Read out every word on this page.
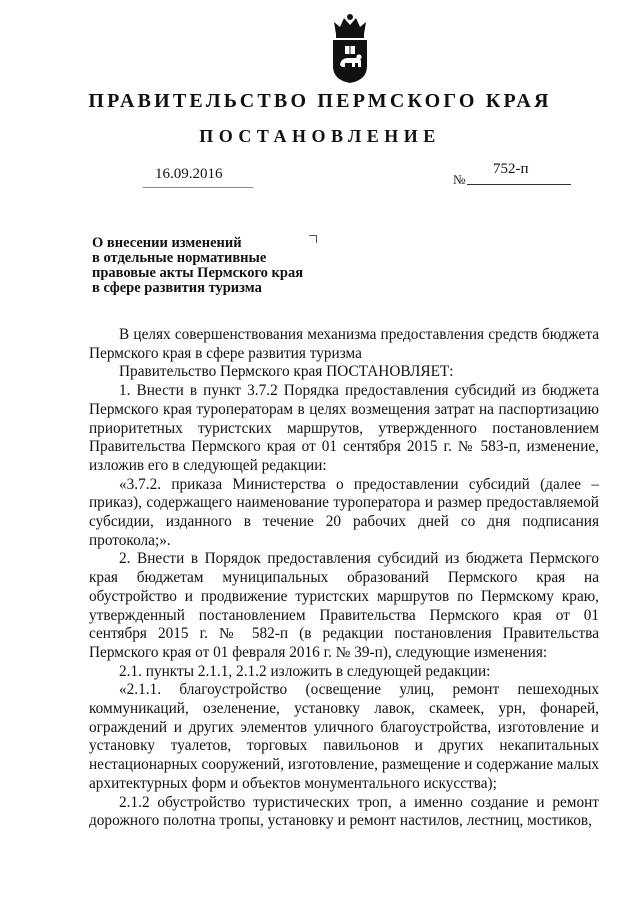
ПРАВИТЕЛЬСТВО ПЕРМСКОГО КРАЯ
ПОСТАНОВЛЕНИЕ
16.09.2016	№
752-п
О внесении изменений
в отдельные нормативные
правовые акты Пермского края
в сфере развития туризма

В целях совершенствования механизма предоставления средств бюджета Пермского края в сфере развития туризма

Правительство Пермского края ПОСТАНОВЛЯЕТ:

1. Внести в пункт 3.7.2 Порядка предоставления субсидий из бюджета Пермского края туроператорам в целях возмещения затрат на паспортизацию приоритетных туристских маршрутов, утвержденного постановлением Правительства Пермского края от 01 сентября 2015 г. № 583-п, изменение, изложив его в следующей редакции:

«3.7.2. приказа Министерства о предоставлении субсидий (далее – приказ), содержащего наименование туроператора и размер предоставляемой субсидии, изданного в течение 20 рабочих дней со дня подписания протокола;».

2. Внести в Порядок предоставления субсидий из бюджета Пермского края бюджетам муниципальных образований Пермского края на обустройство и продвижение туристских маршрутов по Пермскому краю, утвержденный постановлением Правительства Пермского края от 01 сентября 2015 г. № 582-п (в редакции постановления Правительства Пермского края от 01 февраля 2016 г. № 39-п), следующие изменения:

2.1. пункты 2.1.1, 2.1.2 изложить в следующей редакции:

«2.1.1. благоустройство (освещение улиц, ремонт пешеходных коммуникаций, озеленение, установку лавок, скамеек, урн, фонарей, ограждений и других элементов уличного благоустройства, изготовление и установку туалетов, торговых павильонов и других некапитальных нестационарных сооружений, изготовление, размещение и содержание малых архитектурных форм и объектов монументального искусства);

2.1.2 обустройство туристических троп, а именно создание и ремонт дорожного полотна тропы, установку и ремонт настилов, лестниц, мостиков,
